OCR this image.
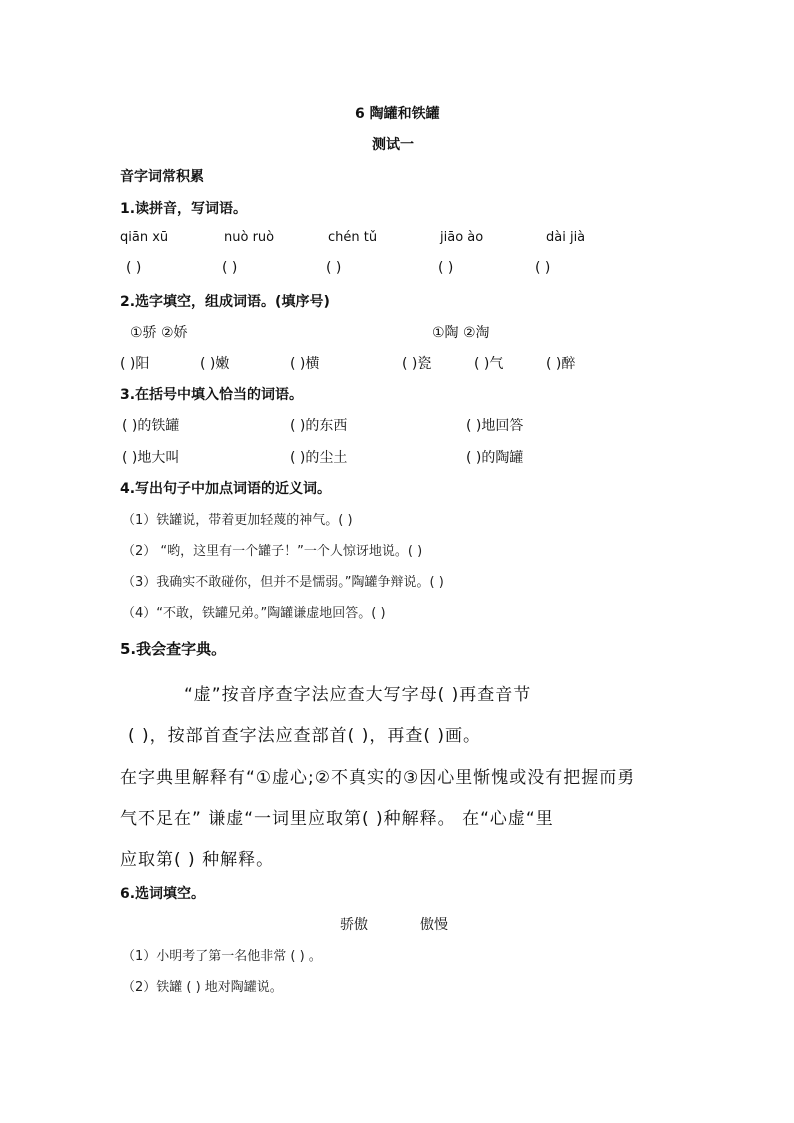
6 陶罐和铁罐
测试一
音字词常积累
1.读拼音，写词语。
qiān xū	nuò ruò	chén tǔ	jiāo ào	dài jià
( )	( )	( )	( )	( )
2.选字填空，组成词语。(填序号)
①骄 ②娇	①陶 ②淘
( )阳	( )嫩	( )横	( )瓷	( )气	( )醉
3.在括号中填入恰当的词语。
( )的铁罐	( )的东西	( )地回答
( )地大叫	( )的尘土	( )的陶罐
4.写出句子中加点词语的近义词。
（1）铁罐说，带着更加轻蔑的神气。( )
（2） “哟，这里有一个罐子！”一个人惊讶地说。( )
（3）我确实不敢碰你，但并不是懦弱。”陶罐争辩说。( )
（4）“不敢，铁罐兄弟。”陶罐谦虚地回答。( )
5.我会查字典。
“虚”按音序查字法应查大写字母( )再查音节
( )，按部首查字法应查部首( )，再查( )画。
在字典里解释有“①虚心;②不真实的③因心里惭愧或没有把握而勇
气不足在” 谦虚“一词里应取第( )种解释。 在“心虚“里
应取第( ) 种解释。
6.选词填空。
骄傲	傲慢
（1）小明考了第一名他非常 ( ) 。
（2）铁罐 ( ) 地对陶罐说。
